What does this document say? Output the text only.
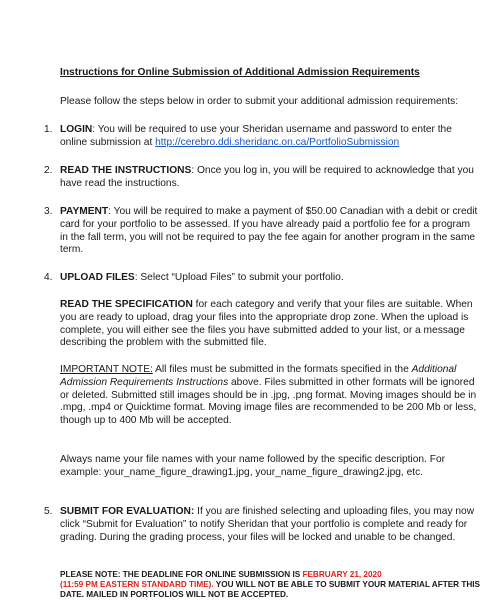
Instructions for Online Submission of Additional Admission Requirements
Please follow the steps below in order to submit your additional admission requirements:
1. LOGIN: You will be required to use your Sheridan username and password to enter the online submission at http://cerebro.ddi.sheridanc.on.ca/PortfolioSubmission
2. READ THE INSTRUCTIONS: Once you log in, you will be required to acknowledge that you have read the instructions.
3. PAYMENT: You will be required to make a payment of $50.00 Canadian with a debit or credit card for your portfolio to be assessed. If you have already paid a portfolio fee for a program in the fall term, you will not be required to pay the fee again for another program in the same term.
4. UPLOAD FILES: Select “Upload Files” to submit your portfolio.
READ THE SPECIFICATION for each category and verify that your files are suitable. When you are ready to upload, drag your files into the appropriate drop zone. When the upload is complete, you will either see the files you have submitted added to your list, or a message describing the problem with the submitted file.
IMPORTANT NOTE: All files must be submitted in the formats specified in the Additional Admission Requirements Instructions above. Files submitted in other formats will be ignored or deleted. Submitted still images should be in .jpg, .png format. Moving images should be in .mpg, .mp4 or Quicktime format. Moving image files are recommended to be 200 Mb or less, though up to 400 Mb will be accepted.
Always name your file names with your name followed by the specific description. For example: your_name_figure_drawing1.jpg, your_name_figure_drawing2.jpg, etc.
5. SUBMIT FOR EVALUATION: If you are finished selecting and uploading files, you may now click “Submit for Evaluation” to notify Sheridan that your portfolio is complete and ready for grading. During the grading process, your files will be locked and unable to be changed.
PLEASE NOTE: THE DEADLINE FOR ONLINE SUBMISSION IS FEBRUARY 21, 2020
(11:59 PM EASTERN STANDARD TIME). YOU WILL NOT BE ABLE TO SUBMIT YOUR MATERIAL AFTER THIS DATE. MAILED IN PORTFOLIOS WILL NOT BE ACCEPTED.
